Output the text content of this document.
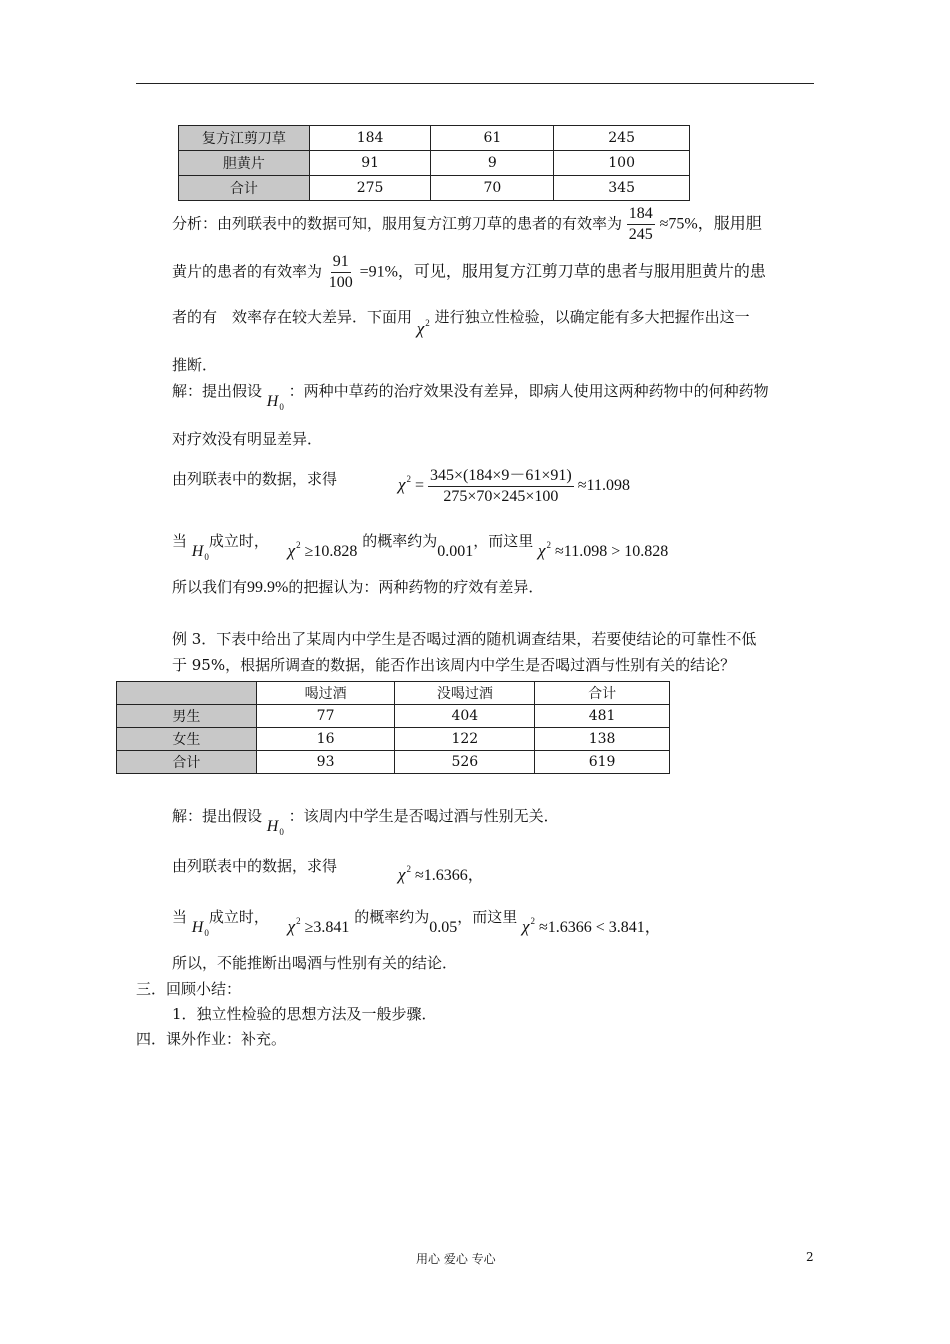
复方江剪刀草	184	61	245
胆黄片	91	9	100
合计	275	70	345
分析：由列联表中的数据可知，服用复方江剪刀草的患者的有效率为 $\frac{184}{245} \approx 75\%$，服用胆
黄片的患者的有效率为 $\frac{91}{100} =91\%$，可见，服用复方江剪刀草的患者与服用胆黄片的患
者的有　效率存在较大差异．下面用 $\chi^2$ 进行独立性检验，以确定能有多大把握作出这一
推断．
解：提出假设 $H_0$ ：两种中草药的治疗效果没有差异，即病人使用这两种药物中的何种药物
对疗效没有明显差异．
由列联表中的数据，求得	$\chi^2 = \frac{345\times(184\times 9-61\times 91)}{275\times 70\times 245\times 100} \approx 11.098$
当 $H_0$成立时， $\chi^2 \ge 10.828$ 的概率约为0.001，而这里 $\chi^2 \approx 11.098 > 10.828$
所以我们有99.9%的把握认为：两种药物的疗效有差异．
例 3．下表中给出了某周内中学生是否喝过酒的随机调查结果，若要使结论的可靠性不低
于 95%，根据所调查的数据，能否作出该周内中学生是否喝过酒与性别有关的结论？
	喝过酒	没喝过酒	合计
男生	77	404	481
女生	16	122	138
合计	93	526	619
解：提出假设 $H_0$ ：该周内中学生是否喝过酒与性别无关．
由列联表中的数据，求得	$\chi^2 \approx 1.6366$，
当 $H_0$成立时， $\chi^2 \ge 3.841$ 的概率约为0.05，而这里 $\chi^2 \approx 1.6366 < 3.841$，
所以，不能推断出喝酒与性别有关的结论．
三．回顾小结：
1．独立性检验的思想方法及一般步骤．
四．课外作业：补充。
用心 爱心 专心	2
